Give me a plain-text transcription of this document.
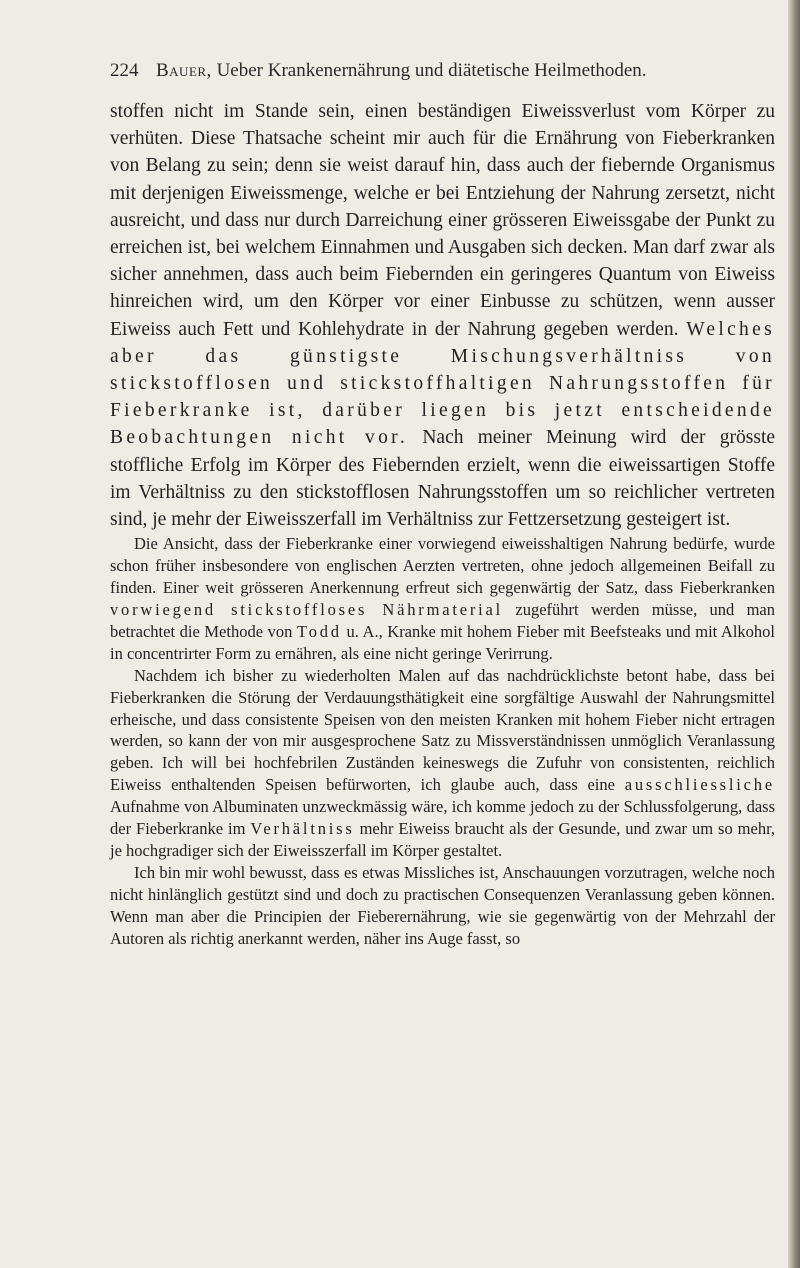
224 Bauer, Ueber Krankenernährung und diätetische Heilmethoden.

stoffen nicht im Stande sein, einen beständigen Eiweissverlust vom Körper zu verhüten. Diese Thatsache scheint mir auch für die Ernährung von Fieberkranken von Belang zu sein; denn sie weist darauf hin, dass auch der fiebernde Organismus mit derjenigen Eiweissmenge, welche er bei Entziehung der Nahrung zersetzt, nicht ausreicht, und dass nur durch Darreichung einer grösseren Eiweissgabe der Punkt zu erreichen ist, bei welchem Einnahmen und Ausgaben sich decken. Man darf zwar als sicher annehmen, dass auch beim Fiebernden ein geringeres Quantum von Eiweiss hinreichen wird, um den Körper vor einer Einbusse zu schützen, wenn ausser Eiweiss auch Fett und Kohlehydrate in der Nahrung gegeben werden. Welches aber das günstigste Mischungsverhältniss von stickstofflosen und stickstoffhaltigen Nahrungsstoffen für Fieberkranke ist, darüber liegen bis jetzt entscheidende Beobachtungen nicht vor. Nach meiner Meinung wird der grösste stoffliche Erfolg im Körper des Fiebernden erzielt, wenn die eiweissartigen Stoffe im Verhältniss zu den stickstofflosen Nahrungsstoffen um so reichlicher vertreten sind, je mehr der Eiweisszerfall im Verhältniss zur Fettzersetzung gesteigert ist.

Die Ansicht, dass der Fieberkranke einer vorwiegend eiweisshaltigen Nahrung bedürfe, wurde schon früher insbesondere von englischen Aerzten vertreten, ohne jedoch allgemeinen Beifall zu finden. Einer weit grösseren Anerkennung erfreut sich gegenwärtig der Satz, dass Fieberkranken vorwiegend stickstoffloses Nährmaterial zugeführt werden müsse, und man betrachtet die Methode von Todd u. A., Kranke mit hohem Fieber mit Beefsteaks und mit Alkohol in concentrirter Form zu ernähren, als eine nicht geringe Verirrung.

Nachdem ich bisher zu wiederholten Malen auf das nachdrücklichste betont habe, dass bei Fieberkranken die Störung der Verdauungsthätigkeit eine sorgfältige Auswahl der Nahrungsmittel erheische, und dass consistente Speisen von den meisten Kranken mit hohem Fieber nicht ertragen werden, so kann der von mir ausgesprochene Satz zu Missverständnissen unmöglich Veranlassung geben. Ich will bei hochfebrilen Zuständen keineswegs die Zufuhr von consistenten, reichlich Eiweiss enthaltenden Speisen befürworten, ich glaube auch, dass eine ausschliessliche Aufnahme von Albuminaten unzweckmässig wäre, ich komme jedoch zu der Schlussfolgerung, dass der Fieberkranke im Verhältniss mehr Eiweiss braucht als der Gesunde, und zwar um so mehr, je hochgradiger sich der Eiweisszerfall im Körper gestaltet.

Ich bin mir wohl bewusst, dass es etwas Missliches ist, Anschauungen vorzutragen, welche noch nicht hinlänglich gestützt sind und doch zu practischen Consequenzen Veranlassung geben können. Wenn man aber die Principien der Fieberernährung, wie sie gegenwärtig von der Mehrzahl der Autoren als richtig anerkannt werden, näher ins Auge fasst, so
